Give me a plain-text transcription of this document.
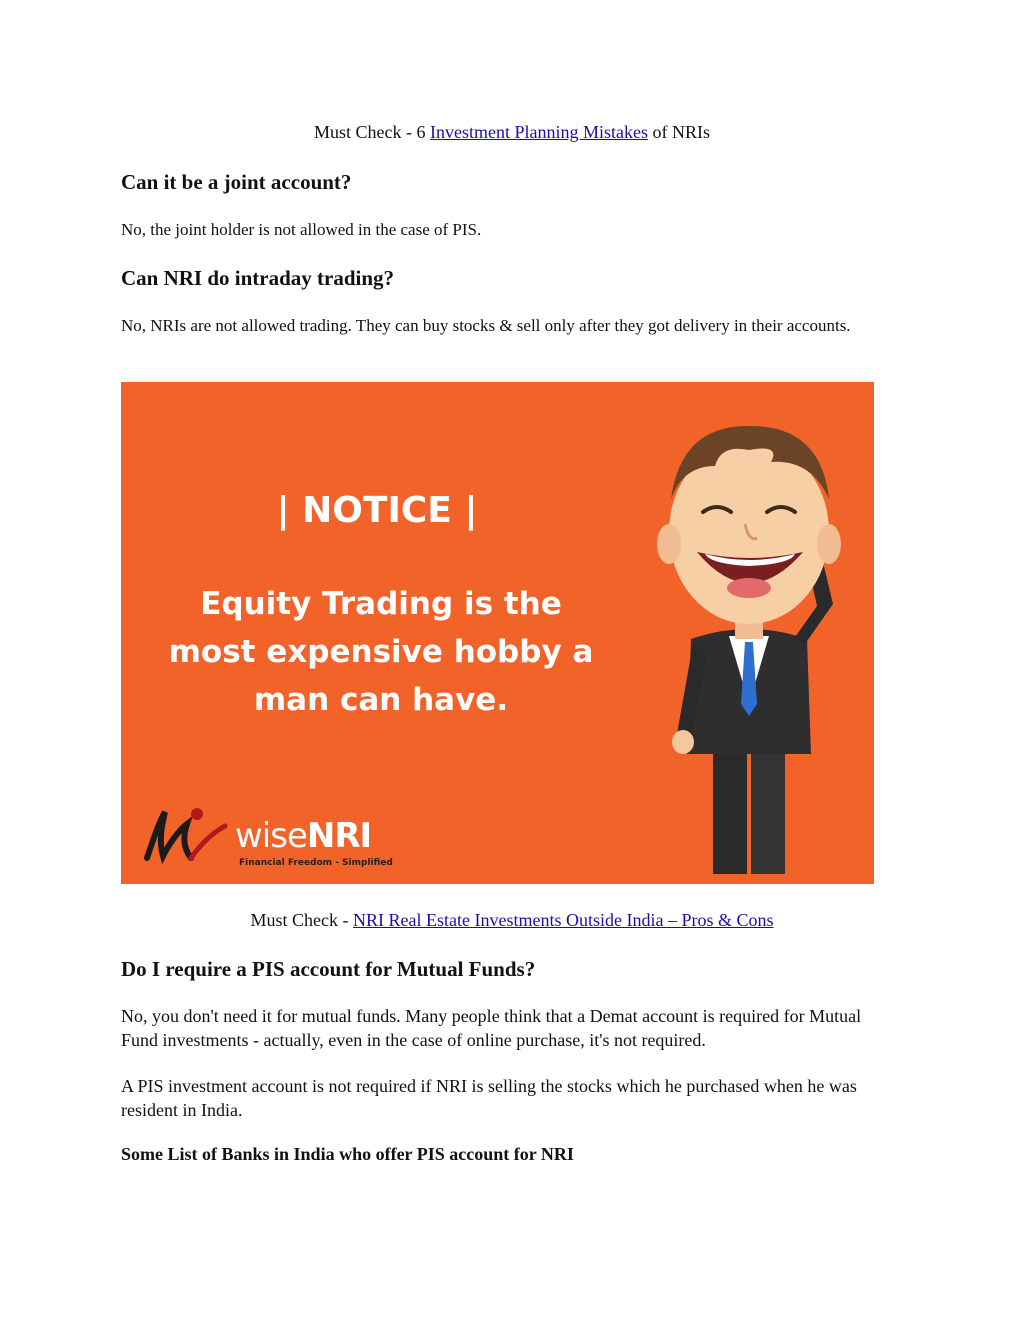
Must Check - 6 Investment Planning Mistakes of NRIs
Can it be a joint account?

No, the joint holder is not allowed in the case of PIS.

Can NRI do intraday trading?

No, NRIs are not allowed trading. They can buy stocks & sell only after they got delivery in their accounts.

| NOTICE |
Equity Trading is the
most expensive hobby a
man can have.
wiseNRI
Financial Freedom - Simplified
Must Check - NRI Real Estate Investments Outside India – Pros & Cons
Do I require a PIS account for Mutual Funds?

No, you don't need it for mutual funds. Many people think that a Demat account is required for Mutual Fund investments - actually, even in the case of online purchase, it's not required.

A PIS investment account is not required if NRI is selling the stocks which he purchased when he was resident in India.

Some List of Banks in India who offer PIS account for NRI
